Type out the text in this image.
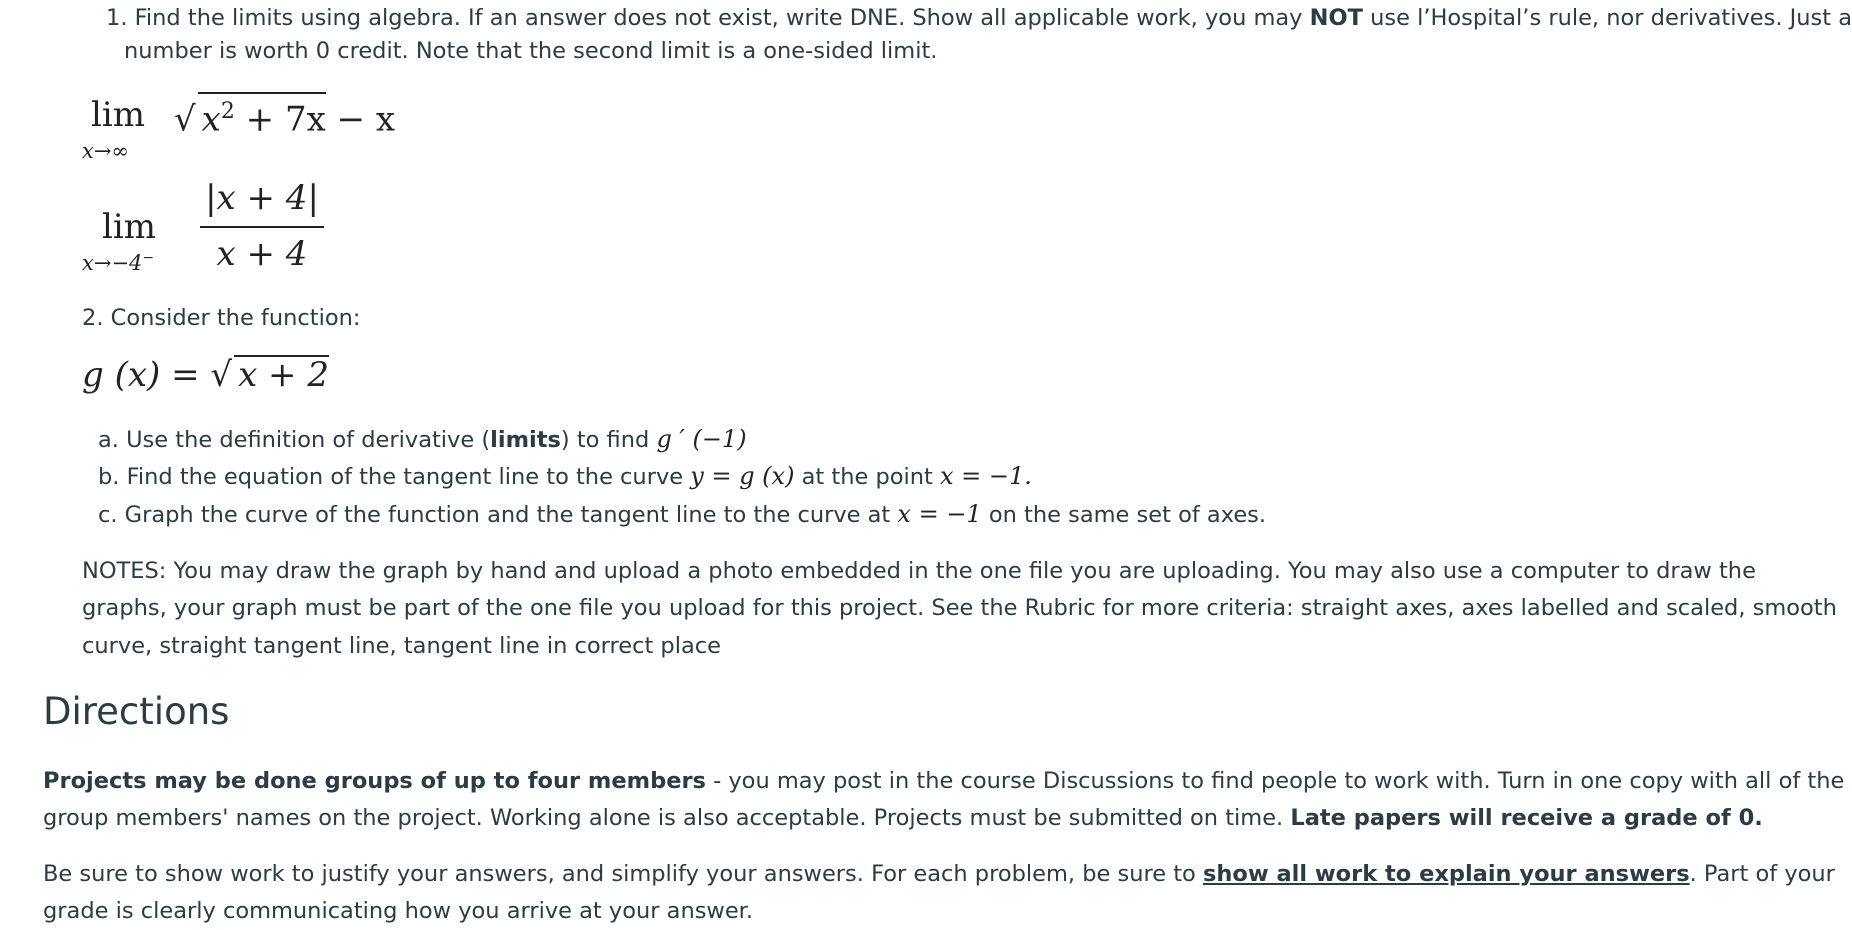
1. Find the limits using algebra. If an answer does not exist, write DNE. Show all applicable work, you may NOT use l’Hospital’s rule, nor derivatives. Just a

number is worth 0 credit. Note that the second limit is a one-sided limit.

lim
x→∞
√ $x^2 + 7x - x$
lim
$x\to-4^- \frac{|x + 4|}{x + 4}$

2. Consider the function:

g (x) = √ x + 2

a. Use the definition of derivative (limits) to find g ′ (−1)

b. Find the equation of the tangent line to the curve y = g (x) at the point x = −1.

c. Graph the curve of the function and the tangent line to the curve at x = −1 on the same set of axes.

NOTES: You may draw the graph by hand and upload a photo embedded in the one file you are uploading. You may also use a computer to draw the

graphs, your graph must be part of the one file you upload for this project. See the Rubric for more criteria: straight axes, axes labelled and scaled, smooth

curve, straight tangent line, tangent line in correct place

Directions

Projects may be done groups of up to four members - you may post in the course Discussions to find people to work with. Turn in one copy with all of the

group members' names on the project. Working alone is also acceptable. Projects must be submitted on time. Late papers will receive a grade of 0.

Be sure to show work to justify your answers, and simplify your answers. For each problem, be sure to show all work to explain your answers. Part of your

grade is clearly communicating how you arrive at your answer.
